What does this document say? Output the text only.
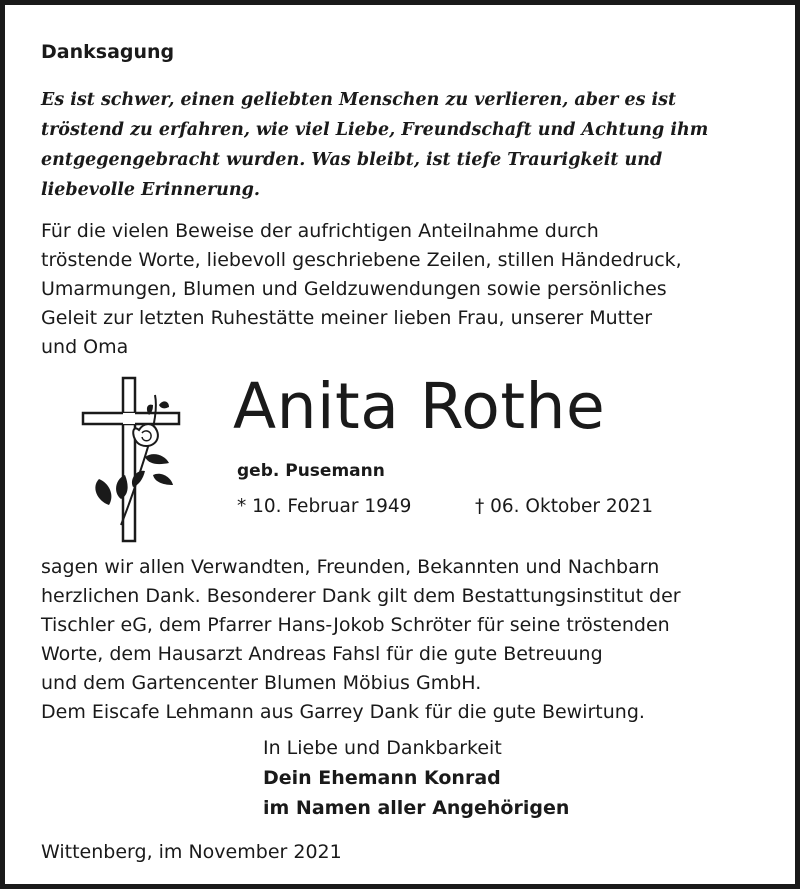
Danksagung
Es ist schwer, einen geliebten Menschen zu verlieren, aber es ist
tröstend zu erfahren, wie viel Liebe, Freundschaft und Achtung ihm
entgegengebracht wurden. Was bleibt, ist tiefe Traurigkeit und
liebevolle Erinnerung.
Für die vielen Beweise der aufrichtigen Anteilnahme durch
tröstende Worte, liebevoll geschriebene Zeilen, stillen Händedruck,
Umarmungen, Blumen und Geldzuwendungen sowie persönliches
Geleit zur letzten Ruhestätte meiner lieben Frau, unserer Mutter
und Oma
Anita Rothe
geb. Pusemann
* 10. Februar 1949	† 06. Oktober 2021
sagen wir allen Verwandten, Freunden, Bekannten und Nachbarn
herzlichen Dank. Besonderer Dank gilt dem Bestattungsinstitut der
Tischler eG, dem Pfarrer Hans-Jokob Schröter für seine tröstenden
Worte, dem Hausarzt Andreas Fahsl für die gute Betreuung
und dem Gartencenter Blumen Möbius GmbH.
Dem Eiscafe Lehmann aus Garrey Dank für die gute Bewirtung.
In Liebe und Dankbarkeit
Dein Ehemann Konrad
im Namen aller Angehörigen
Wittenberg, im November 2021
